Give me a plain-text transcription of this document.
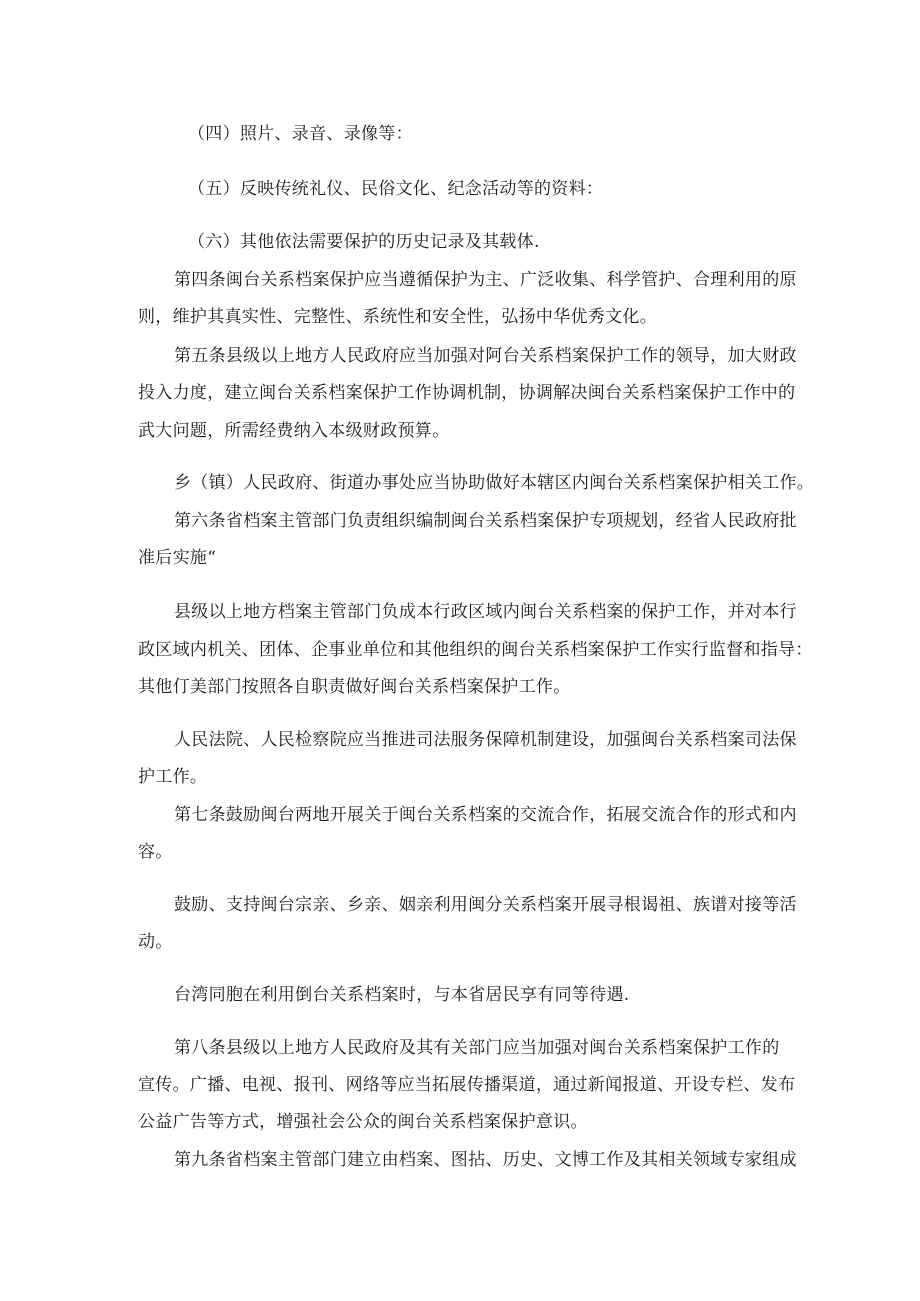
（四）照片、录音、录像等：
（五）反映传统礼仪、民俗文化、纪念活动等的资料：
（六）其他依法需要保护的历史记录及其载体.
第四条闽台关系档案保护应当遵循保护为主、广泛收集、科学管护、合理利用的原
则，维护其真实性、完整性、系统性和安全性，弘扬中华优秀文化。
第五条县级以上地方人民政府应当加强对阿台关系档案保护工作的领导，加大财政
投入力度，建立闽台关系档案保护工作协调机制，协调解决闽台关系档案保护工作中的
武大问题，所需经费纳入本级财政预算。
乡（镇）人民政府、街道办事处应当协助做好本辖区内闽台关系档案保护相关工作。
第六条省档案主管部门负责组织编制闽台关系档案保护专项规划，经省人民政府批
准后实施“
县级以上地方档案主管部门负成本行政区域内闽台关系档案的保护工作，并对本行
政区域内机关、团体、企事业单位和其他组织的闽台关系档案保护工作实行监督和指导：
其他仃美部门按照各自职责做好闽台关系档案保护工作。
人民法院、人民检察院应当推进司法服务保障机制建设，加强闽台关系档案司法保
护工作。
第七条鼓励闽台两地开展关于闽台关系档案的交流合作，拓展交流合作的形式和内
容。
鼓励、支持闽台宗亲、乡亲、姻亲利用闽分关系档案开展寻根谒祖、族谱对接等活
动。
台湾同胞在利用倒台关系档案时，与本省居民享有同等待遇.
第八条县级以上地方人民政府及其有关部门应当加强对闽台关系档案保护工作的
宣传。广播、电视、报刊、网络等应当拓展传播渠道，通过新闻报道、开设专栏、发布
公益广告等方式，增强社会公众的闽台关系档案保护意识。
第九条省档案主管部门建立由档案、图拈、历史、文博工作及其相关领域专家组成
